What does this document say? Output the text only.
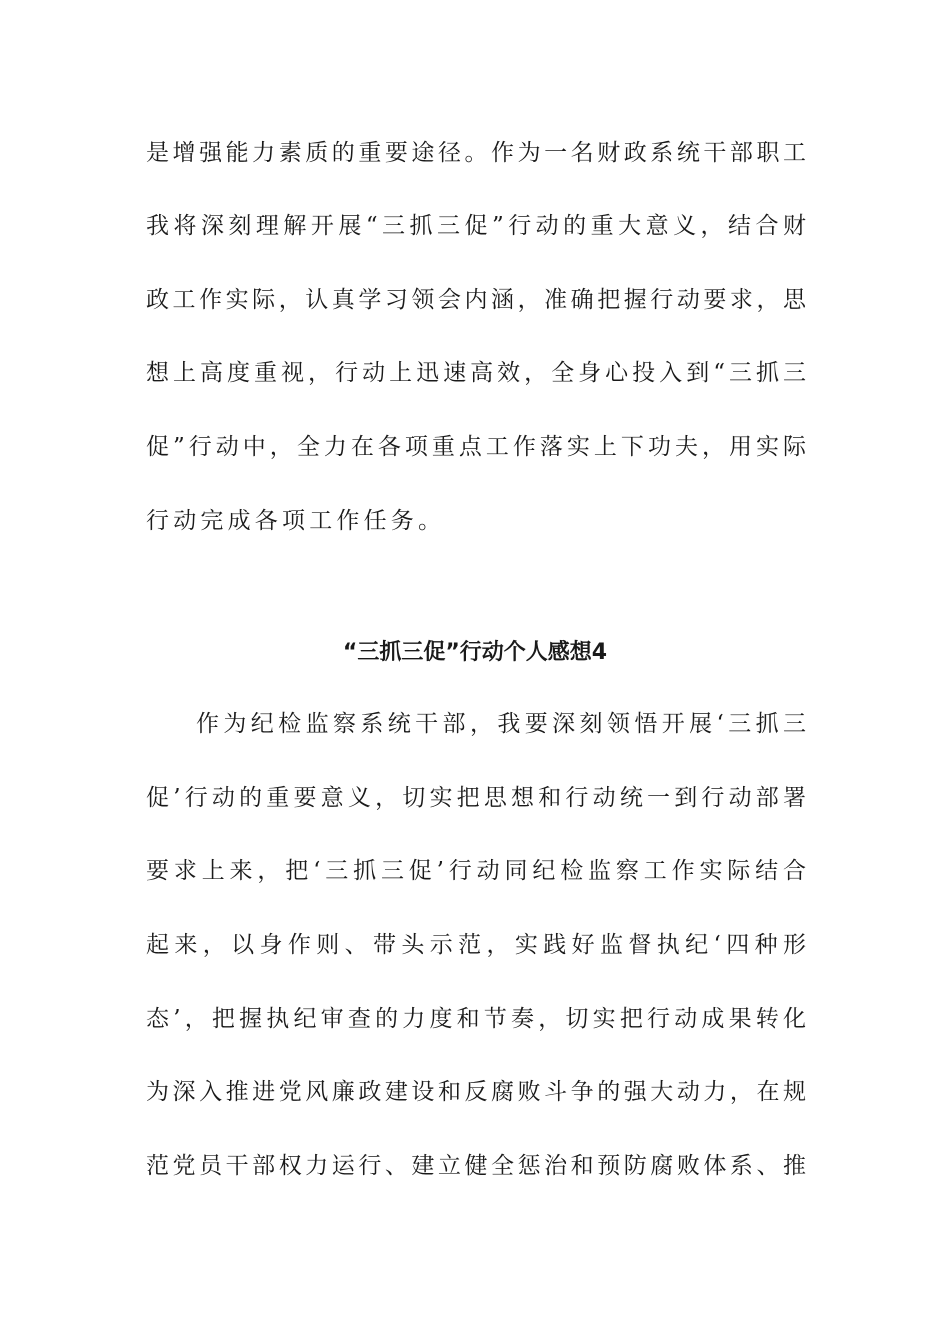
是增强能力素质的重要途径。作为一名财政系统干部职工
我将深刻理解开展“三抓三促”行动的重大意义，结合财
政工作实际，认真学习领会内涵，准确把握行动要求，思
想上高度重视，行动上迅速高效，全身心投入到“三抓三
促”行动中，全力在各项重点工作落实上下功夫，用实际
行动完成各项工作任务。
“三抓三促”行动个人感想4
作为纪检监察系统干部，我要深刻领悟开展‘三抓三
促’行动的重要意义，切实把思想和行动统一到行动部署
要求上来，把‘三抓三促’行动同纪检监察工作实际结合
起来，以身作则、带头示范，实践好监督执纪‘四种形
态’，把握执纪审查的力度和节奏，切实把行动成果转化
为深入推进党风廉政建设和反腐败斗争的强大动力，在规
范党员干部权力运行、建立健全惩治和预防腐败体系、推
